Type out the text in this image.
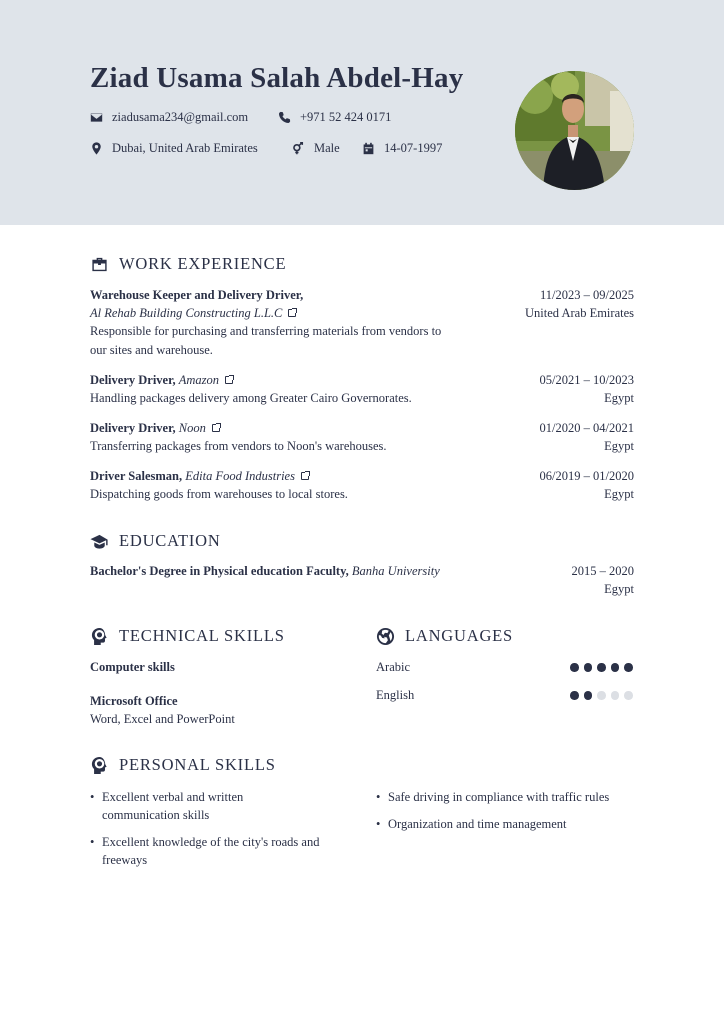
Ziad Usama Salah Abdel-Hay
ziadusama234@gmail.com	+971 52 424 0171
Dubai, United Arab Emirates	Male	14-07-1997
WORK EXPERIENCE
Warehouse Keeper and Delivery Driver,
Al Rehab Building Constructing L.L.C
Responsible for purchasing and transferring materials from vendors to
our sites and warehouse.
11/2023 – 09/2025
United Arab Emirates
Delivery Driver, Amazon
Handling packages delivery among Greater Cairo Governorates.
05/2021 – 10/2023
Egypt
Delivery Driver, Noon
Transferring packages from vendors to Noon's warehouses.
01/2020 – 04/2021
Egypt
Driver Salesman, Edita Food Industries
Dispatching goods from warehouses to local stores.
06/2019 – 01/2020
Egypt
EDUCATION
Bachelor's Degree in Physical education Faculty, Banha University	2015 – 2020
Egypt
TECHNICAL SKILLS
Computer skills
Microsoft Office
Word, Excel and PowerPoint
LANGUAGES
Arabic
English
PERSONAL SKILLS
• Excellent verbal and written
communication skills
• Excellent knowledge of the city's roads and
freeways
• Safe driving in compliance with traffic rules
• Organization and time management
